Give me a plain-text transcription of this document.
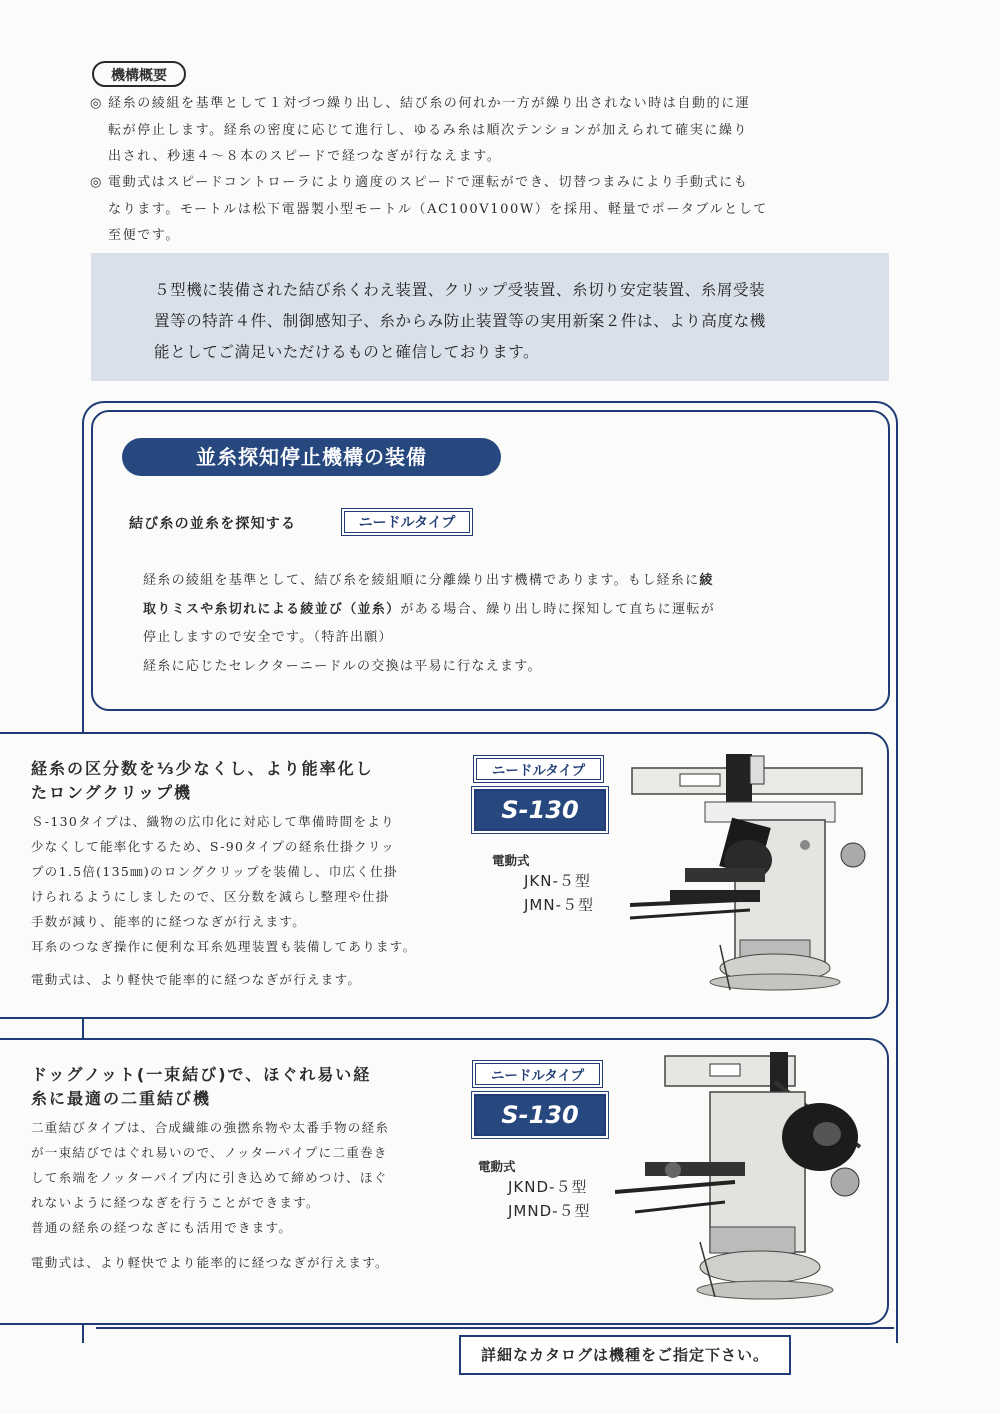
機構概要
◎ 経糸の綾組を基準として１対づつ繰り出し、結び糸の何れか一方が繰り出されない時は自動的に運
転が停止します。経糸の密度に応じて進行し、ゆるみ糸は順次テンションが加えられて確実に繰り
出され、秒速４〜８本のスピードで経つなぎが行なえます。
◎ 電動式はスピードコントローラにより適度のスピードで運転ができ、切替つまみにより手動式にも
なります。モートルは松下電器製小型モートル（AC100V100W）を採用、軽量でポータブルとして
至便です。

５型機に装備された結び糸くわえ装置、クリップ受装置、糸切り安定装置、糸屑受装
置等の特許４件、制御感知子、糸からみ防止装置等の実用新案２件は、より高度な機
能としてご満足いただけるものと確信しております。

並糸探知停止機構の装備
結び糸の並糸を探知する	ニードルタイプ
経糸の綾組を基準として、結び糸を綾組順に分離繰り出す機構であります。もし経糸に綾
取りミスや糸切れによる綾並び（並糸）がある場合、繰り出し時に探知して直ちに運転が
停止しますので安全です。（特許出願）
経糸に応じたセレクターニードルの交換は平易に行なえます。
経糸の区分数を⅓少なくし、より能率化し
たロングクリップ機
Ｓ-130タイプは、織物の広巾化に対応して準備時間をより
少なくして能率化するため、S-90タイプの経糸仕掛クリッ
プの1.5倍(135㎜)のロングクリップを装備し、巾広く仕掛
けられるようにしましたので、区分数を減らし整理や仕掛
手数が減り、能率的に経つなぎが行えます。
耳糸のつなぎ操作に便利な耳糸処理装置も装備してあります。
電動式は、より軽快で能率的に経つなぎが行えます。
ニードルタイプ
S-130
電動式
JKN-５型
JMN-５型
ドッグノット(一束結び)で、ほぐれ易い経
糸に最適の二重結び機
二重結びタイプは、合成繊維の強撚糸物や太番手物の経糸
が一束結びではぐれ易いので、ノッターパイプに二重巻き
して糸端をノッターパイプ内に引き込めて締めつけ、ほぐ
れないように経つなぎを行うことができます。
普通の経糸の経つなぎにも活用できます。
電動式は、より軽快でより能率的に経つなぎが行えます。
ニードルタイプ
S-130
電動式
JKND-５型
JMND-５型
詳細なカタログは機種をご指定下さい。
